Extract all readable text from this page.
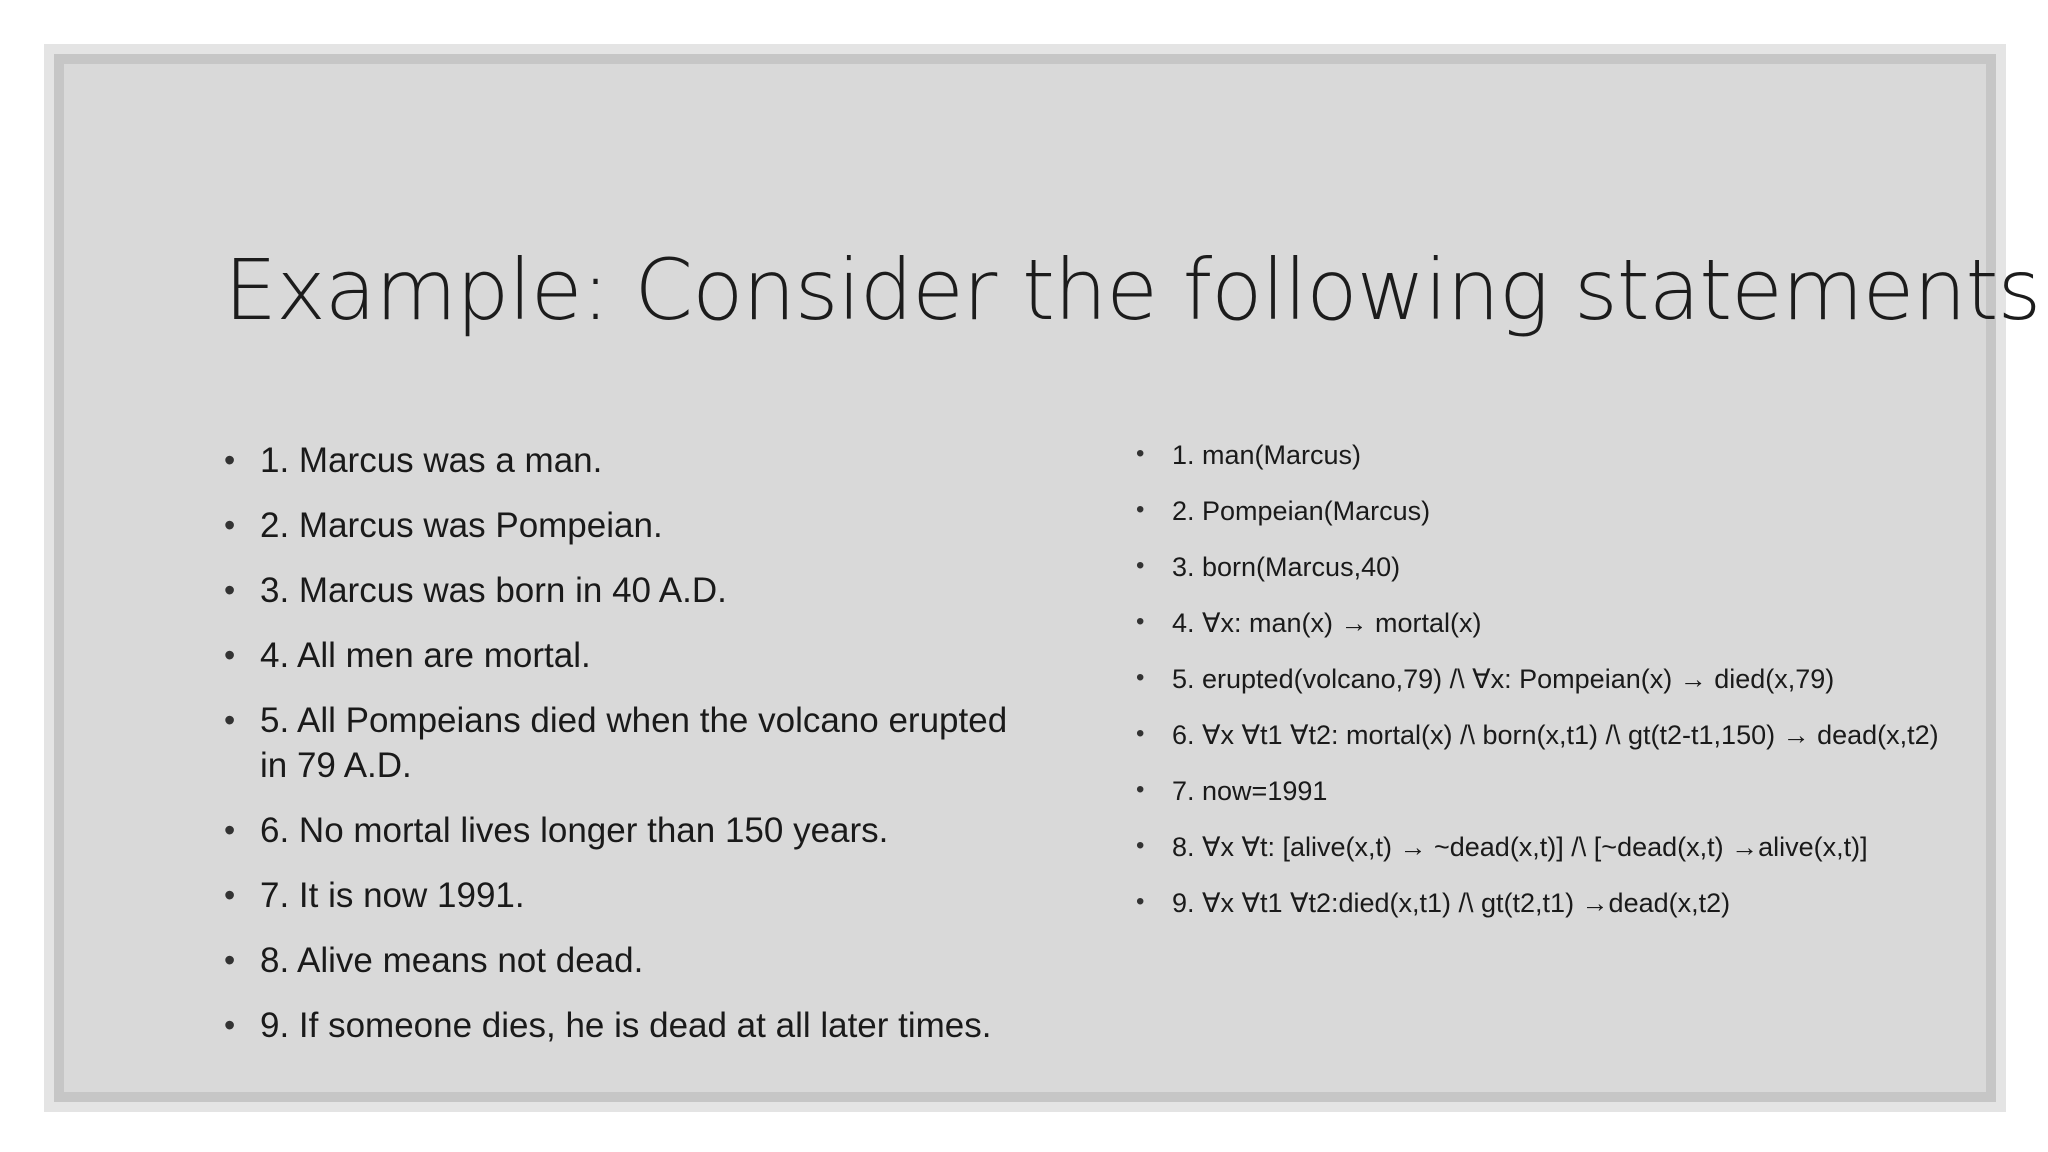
Example: Consider the following statements
• 1. Marcus was a man.
• 2. Marcus was Pompeian.
• 3. Marcus was born in 40 A.D.
• 4. All men are mortal.
• 5. All Pompeians died when the volcano erupted in 79 A.D.
• 6. No mortal lives longer than 150 years.
• 7. It is now 1991.
• 8. Alive means not dead.
• 9. If someone dies, he is dead at all later times.
• 1. man(Marcus)
• 2. Pompeian(Marcus)
• 3. born(Marcus,40)
• 4. ∀x: man(x) → mortal(x)
• 5. erupted(volcano,79) /\ ∀x: Pompeian(x) → died(x,79)
• 6. ∀x ∀t1 ∀t2: mortal(x) /\ born(x,t1) /\ gt(t2-t1,150) → dead(x,t2)
• 7. now=1991
• 8. ∀x ∀t: [alive(x,t) → ~dead(x,t)] /\ [~dead(x,t) →alive(x,t)]
• 9. ∀x ∀t1 ∀t2:died(x,t1) /\ gt(t2,t1) →dead(x,t2)
